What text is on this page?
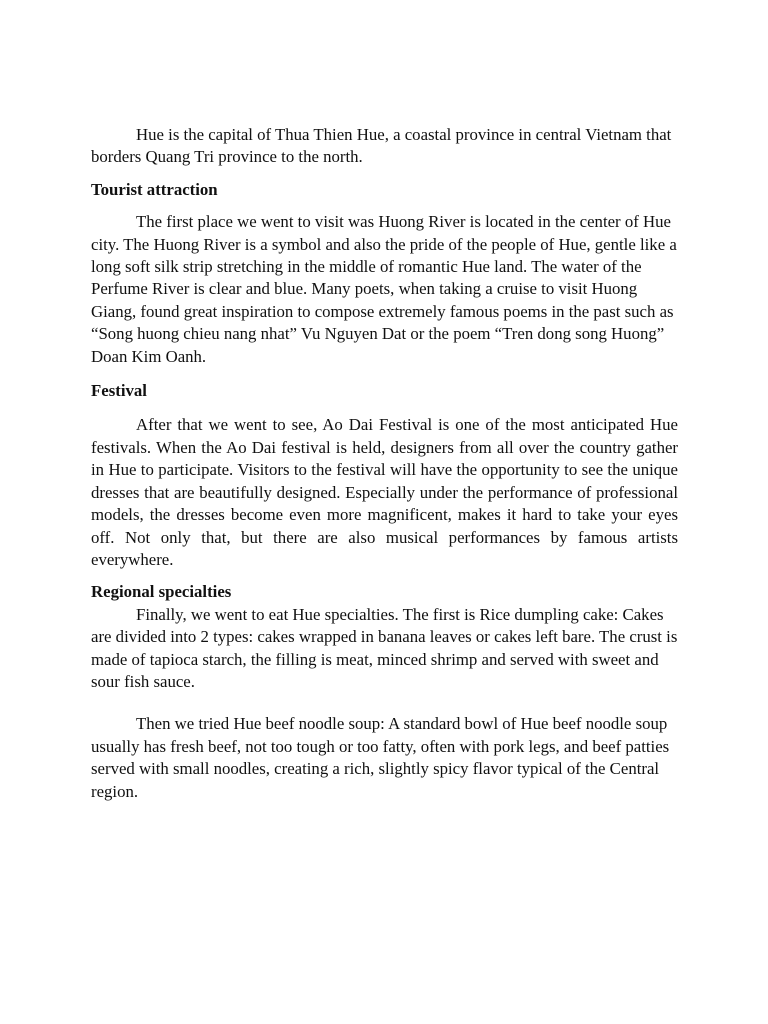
Hue is the capital of Thua Thien Hue, a coastal province in central Vietnam that borders Quang Tri province to the north.

Tourist attraction

The first place we went to visit was Huong River is located in the center of Hue city. The Huong River is a symbol and also the pride of the people of Hue, gentle like a long soft silk strip stretching in the middle of romantic Hue land. The water of the Perfume River is clear and blue. Many poets, when taking a cruise to visit Huong Giang, found great inspiration to compose extremely famous poems in the past such as “Song huong chieu nang nhat” Vu Nguyen Dat or the poem “Tren dong song Huong” Doan Kim Oanh.

Festival

After that we went to see, Ao Dai Festival is one of the most anticipated Hue festivals. When the Ao Dai festival is held, designers from all over the country gather in Hue to participate. Visitors to the festival will have the opportunity to see the unique dresses that are beautifully designed. Especially under the performance of professional models, the dresses become even more magnificent, makes it hard to take your eyes off. Not only that, but there are also musical performances by famous artists everywhere.

Regional specialties

Finally, we went to eat Hue specialties. The first is Rice dumpling cake: Cakes are divided into 2 types: cakes wrapped in banana leaves or cakes left bare. The crust is made of tapioca starch, the filling is meat, minced shrimp and served with sweet and sour fish sauce.

Then we tried Hue beef noodle soup: A standard bowl of Hue beef noodle soup usually has fresh beef, not too tough or too fatty, often with pork legs, and beef patties served with small noodles, creating a rich, slightly spicy flavor typical of the Central region.
